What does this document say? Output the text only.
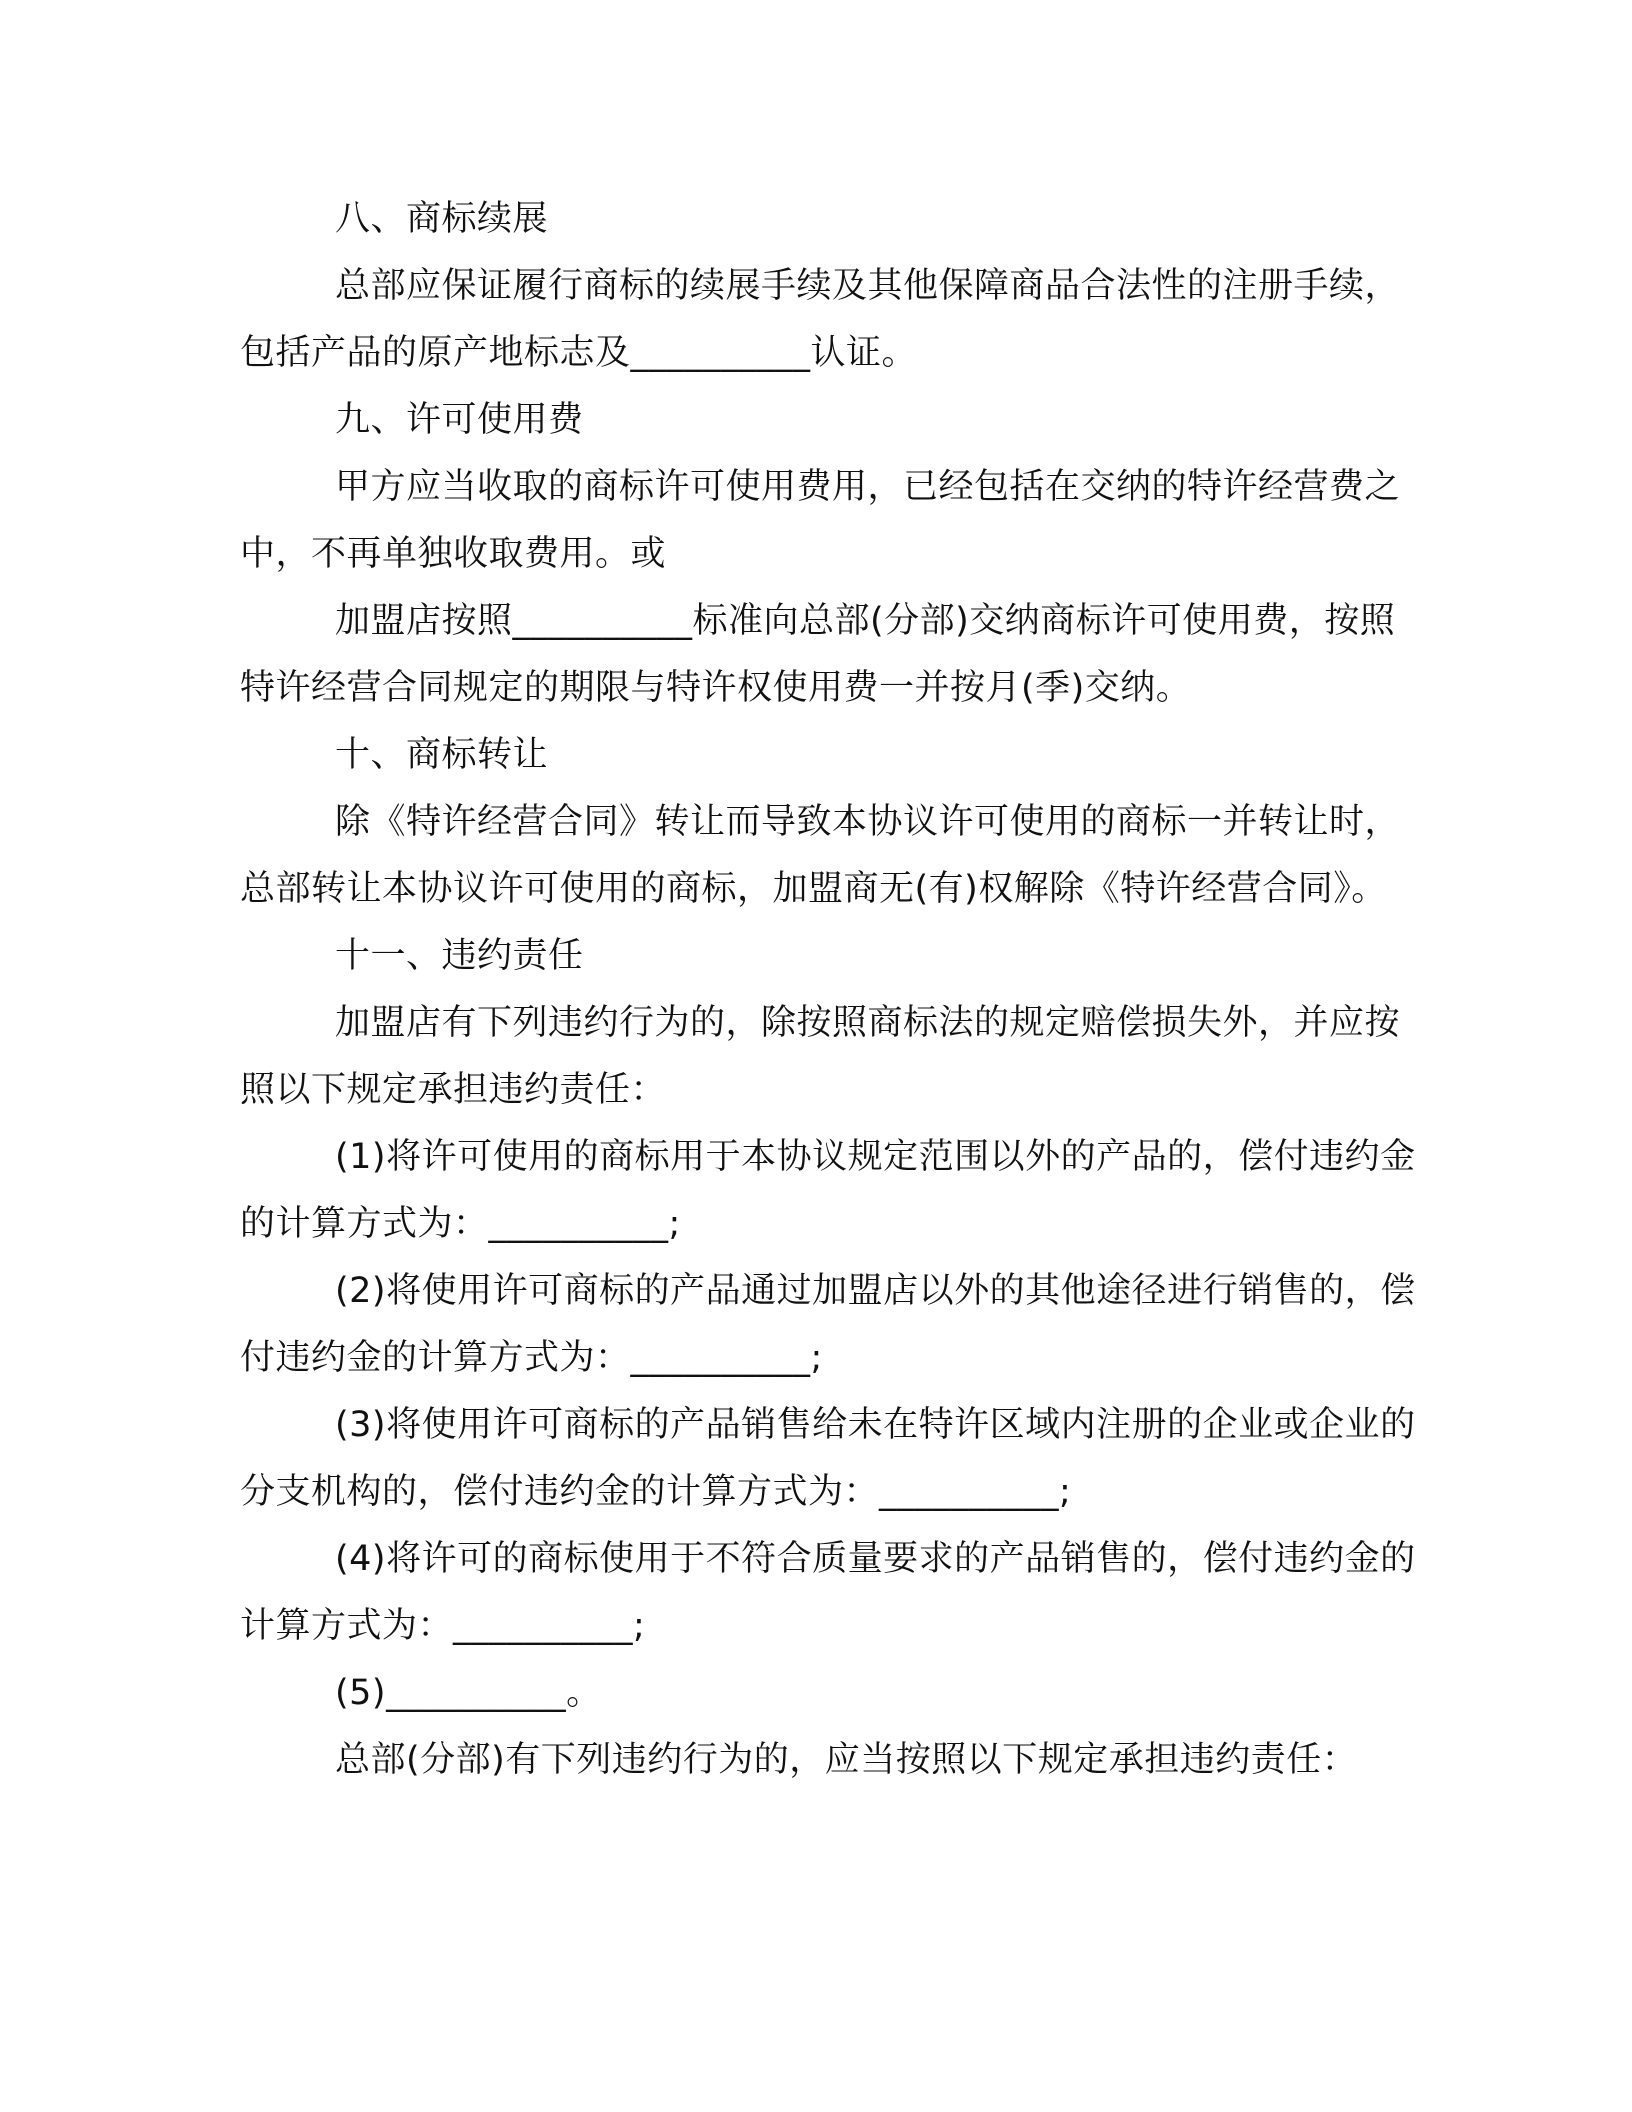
八、商标续展

总部应保证履行商标的续展手续及其他保障商品合法性的注册手续，包括产品的原产地标志及__________认证。

九、许可使用费

甲方应当收取的商标许可使用费用，已经包括在交纳的特许经营费之中，不再单独收取费用。或

加盟店按照__________标准向总部(分部)交纳商标许可使用费，按照特许经营合同规定的期限与特许权使用费一并按月(季)交纳。

十、商标转让

除《特许经营合同》转让而导致本协议许可使用的商标一并转让时，总部转让本协议许可使用的商标，加盟商无(有)权解除《特许经营合同》。

十一、违约责任

加盟店有下列违约行为的，除按照商标法的规定赔偿损失外，并应按照以下规定承担违约责任：

(1)将许可使用的商标用于本协议规定范围以外的产品的，偿付违约金的计算方式为：__________;

(2)将使用许可商标的产品通过加盟店以外的其他途径进行销售的，偿付违约金的计算方式为：__________;

(3)将使用许可商标的产品销售给未在特许区域内注册的企业或企业的分支机构的，偿付违约金的计算方式为：__________;

(4)将许可的商标使用于不符合质量要求的产品销售的，偿付违约金的计算方式为：__________;

(5)__________。

总部(分部)有下列违约行为的，应当按照以下规定承担违约责任：
